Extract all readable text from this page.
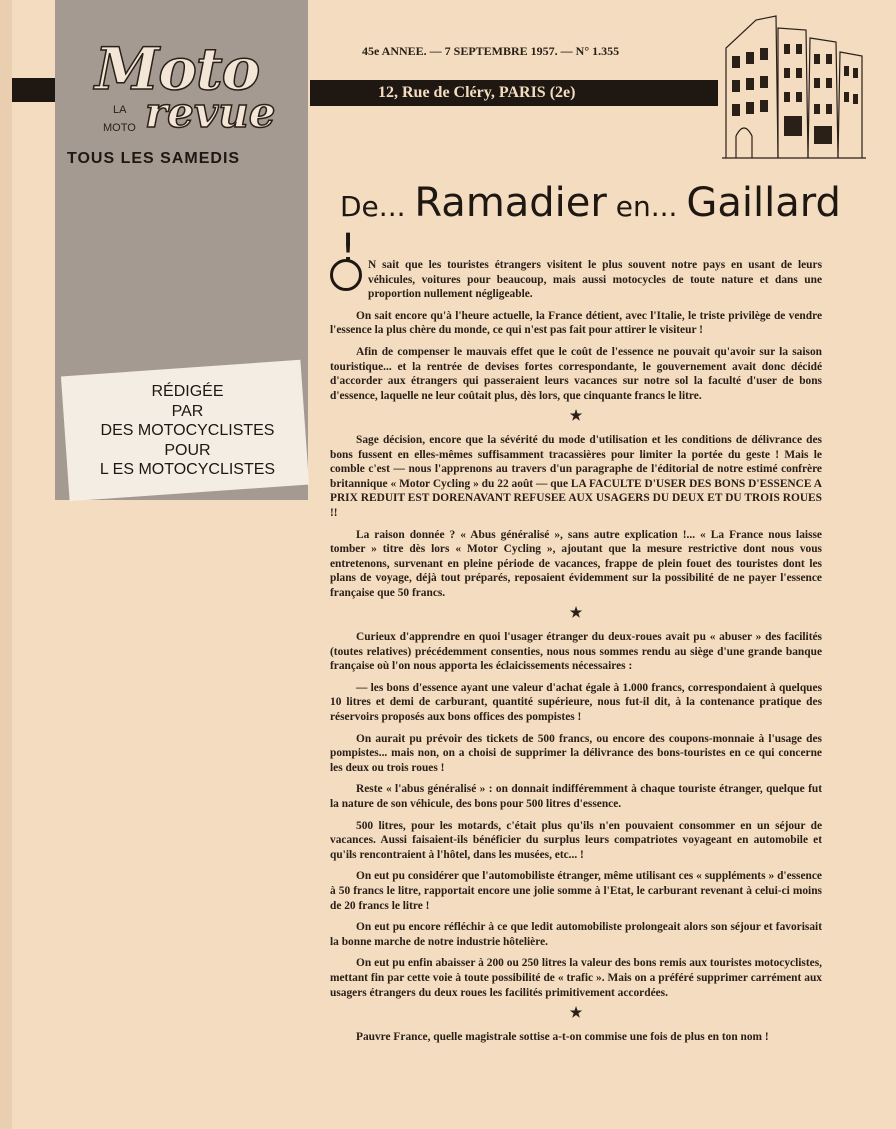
Moto
LA
MOTO revue
TOUS LES SAMEDIS
RÉDIGÉE
PAR
DES MOTOCYCLISTES
POUR
L ES MOTOCYCLISTES
45e ANNEE. — 7 SEPTEMBRE 1957. — N° 1.355
12, Rue de Cléry, PARIS (2e)
De... Ramadier en... Gaillard !	N sait que les touristes étrangers visitent le plus souvent notre pays en usant de leurs véhicules, voitures pour beaucoup, mais aussi motocycles de toute nature et dans une proportion nullement négligeable.

On sait encore qu'à l'heure actuelle, la France détient, avec l'Italie, le triste privilège de vendre l'essence la plus chère du monde, ce qui n'est pas fait pour attirer le visiteur !

Afin de compenser le mauvais effet que le coût de l'essence ne pouvait qu'avoir sur la saison touristique... et la rentrée de devises fortes correspondante, le gouvernement avait donc décidé d'accorder aux étrangers qui passeraient leurs vacances sur notre sol la faculté d'user de bons d'essence, laquelle ne leur coûtait plus, dès lors, que cinquante francs le litre.

★

Sage décision, encore que la sévérité du mode d'utilisation et les conditions de délivrance des bons fussent en elles-mêmes suffisamment tracassières pour limiter la portée du geste ! Mais le comble c'est — nous l'apprenons au travers d'un paragraphe de l'éditorial de notre estimé confrère britannique « Motor Cycling » du 22 août — que LA FACULTE D'USER DES BONS D'ESSENCE A PRIX REDUIT EST DORENAVANT REFUSEE AUX USAGERS DU DEUX ET DU TROIS ROUES !!

La raison donnée ? « Abus généralisé », sans autre explication !... « La France nous laisse tomber » titre dès lors « Motor Cycling », ajoutant que la mesure restrictive dont nous vous entretenons, survenant en pleine période de vacances, frappe de plein fouet des touristes dont les plans de voyage, déjà tout préparés, reposaient évidemment sur la possibilité de ne payer l'essence française que 50 francs.

★

Curieux d'apprendre en quoi l'usager étranger du deux-roues avait pu « abuser » des facilités (toutes relatives) précédemment consenties, nous nous sommes rendu au siège d'une grande banque française où l'on nous apporta les éclaicissements nécessaires :

— les bons d'essence ayant une valeur d'achat égale à 1.000 francs, correspondaient à quelques 10 litres et demi de carburant, quantité supérieure, nous fut-il dit, à la contenance pratique des réservoirs proposés aux bons offices des pompistes !

On aurait pu prévoir des tickets de 500 francs, ou encore des coupons-monnaie à l'usage des pompistes... mais non, on a choisi de supprimer la délivrance des bons-touristes en ce qui concerne les deux ou trois roues !

Reste « l'abus généralisé » : on donnait indifféremment à chaque touriste étranger, quelque fut la nature de son véhicule, des bons pour 500 litres d'essence.

500 litres, pour les motards, c'était plus qu'ils n'en pouvaient consommer en un séjour de vacances. Aussi faisaient-ils bénéficier du surplus leurs compatriotes voyageant en automobile et qu'ils rencontraient à l'hôtel, dans les musées, etc... !

On eut pu considérer que l'automobiliste étranger, même utilisant ces « suppléments » d'essence à 50 francs le litre, rapportait encore une jolie somme à l'Etat, le carburant revenant à celui-ci moins de 20 francs le litre !

On eut pu encore réfléchir à ce que ledit automobiliste prolongeait alors son séjour et favorisait la bonne marche de notre industrie hôtelière.

On eut pu enfin abaisser à 200 ou 250 litres la valeur des bons remis aux touristes motocyclistes, mettant fin par cette voie à toute possibilité de « trafic ». Mais on a préféré supprimer carrément aux usagers étrangers du deux roues les facilités primitivement accordées.

★

Pauvre France, quelle magistrale sottise a-t-on commise une fois de plus en ton nom !
